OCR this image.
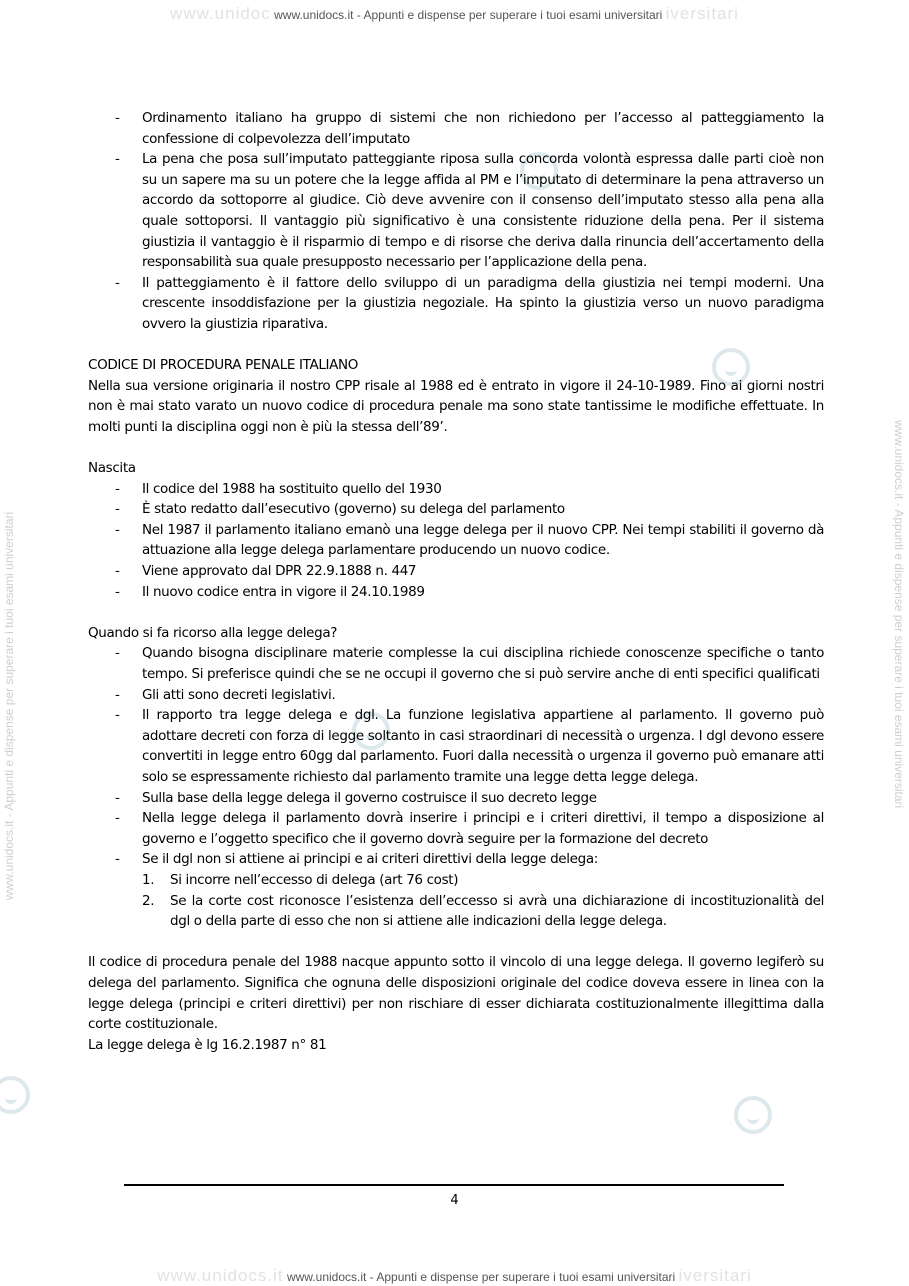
www.unidoc www.unidocs.it - Appunti e dispense per superare i tuoi esami universitari iversitari
www.unidocs.it - Appunti e dispense per superare i tuoi esami universitari	www.unidocs.it - Appunti e dispense per superare i tuoi esami universitari
- Ordinamento italiano ha gruppo di sistemi che non richiedono per l’accesso al patteggiamento la confessione di colpevolezza dell’imputato
- La pena che posa sull’imputato patteggiante riposa sulla concorda volontà espressa dalle parti cioè non su un sapere ma su un potere che la legge affida al PM e l’imputato di determinare la pena attraverso un accordo da sottoporre al giudice. Ciò deve avvenire con il consenso dell’imputato stesso alla pena alla quale sottoporsi. Il vantaggio più significativo è una consistente riduzione della pena. Per il sistema giustizia il vantaggio è il risparmio di tempo e di risorse che deriva dalla rinuncia dell’accertamento della responsabilità sua quale presupposto necessario per l’applicazione della pena.
- Il patteggiamento è il fattore dello sviluppo di un paradigma della giustizia nei tempi moderni. Una crescente insoddisfazione per la giustizia negoziale. Ha spinto la giustizia verso un nuovo paradigma ovvero la giustizia riparativa.

CODICE DI PROCEDURA PENALE ITALIANO

Nella sua versione originaria il nostro CPP risale al 1988 ed è entrato in vigore il 24-10-1989. Fino ai giorni nostri non è mai stato varato un nuovo codice di procedura penale ma sono state tantissime le modifiche effettuate. In molti punti la disciplina oggi non è più la stessa dell’89’.

Nascita

- Il codice del 1988 ha sostituito quello del 1930
- È stato redatto dall’esecutivo (governo) su delega del parlamento
- Nel 1987 il parlamento italiano emanò una legge delega per il nuovo CPP. Nei tempi stabiliti il governo dà attuazione alla legge delega parlamentare producendo un nuovo codice.
- Viene approvato dal DPR 22.9.1888 n. 447
- Il nuovo codice entra in vigore il 24.10.1989

Quando si fa ricorso alla legge delega?

- Quando bisogna disciplinare materie complesse la cui disciplina richiede conoscenze specifiche o tanto tempo. Si preferisce quindi che se ne occupi il governo che si può servire anche di enti specifici qualificati
- Gli atti sono decreti legislativi.
- Il rapporto tra legge delega e dgl. La funzione legislativa appartiene al parlamento. Il governo può adottare decreti con forza di legge soltanto in casi straordinari di necessità o urgenza. I dgl devono essere convertiti in legge entro 60gg dal parlamento. Fuori dalla necessità o urgenza il governo può emanare atti solo se espressamente richiesto dal parlamento tramite una legge detta legge delega.
- Sulla base della legge delega il governo costruisce il suo decreto legge
- Nella legge delega il parlamento dovrà inserire i principi e i criteri direttivi, il tempo a disposizione al governo e l’oggetto specifico che il governo dovrà seguire per la formazione del decreto
- Se il dgl non si attiene ai principi e ai criteri direttivi della legge delega:
1. Si incorre nell’eccesso di delega (art 76 cost)
2. Se la corte cost riconosce l’esistenza dell’eccesso si avrà una dichiarazione di incostituzionalità del dgl o della parte di esso che non si attiene alle indicazioni della legge delega.

Il codice di procedura penale del 1988 nacque appunto sotto il vincolo di una legge delega. Il governo legiferò su delega del parlamento. Significa che ognuna delle disposizioni originale del codice doveva essere in linea con la legge delega (principi e criteri direttivi) per non rischiare di esser dichiarata costituzionalmente illegittima dalla corte costituzionale.

La legge delega è lg 16.2.1987 n° 81

4
www.unidocs.it www.unidocs.it - Appunti e dispense per superare i tuoi esami universitari iversitari
